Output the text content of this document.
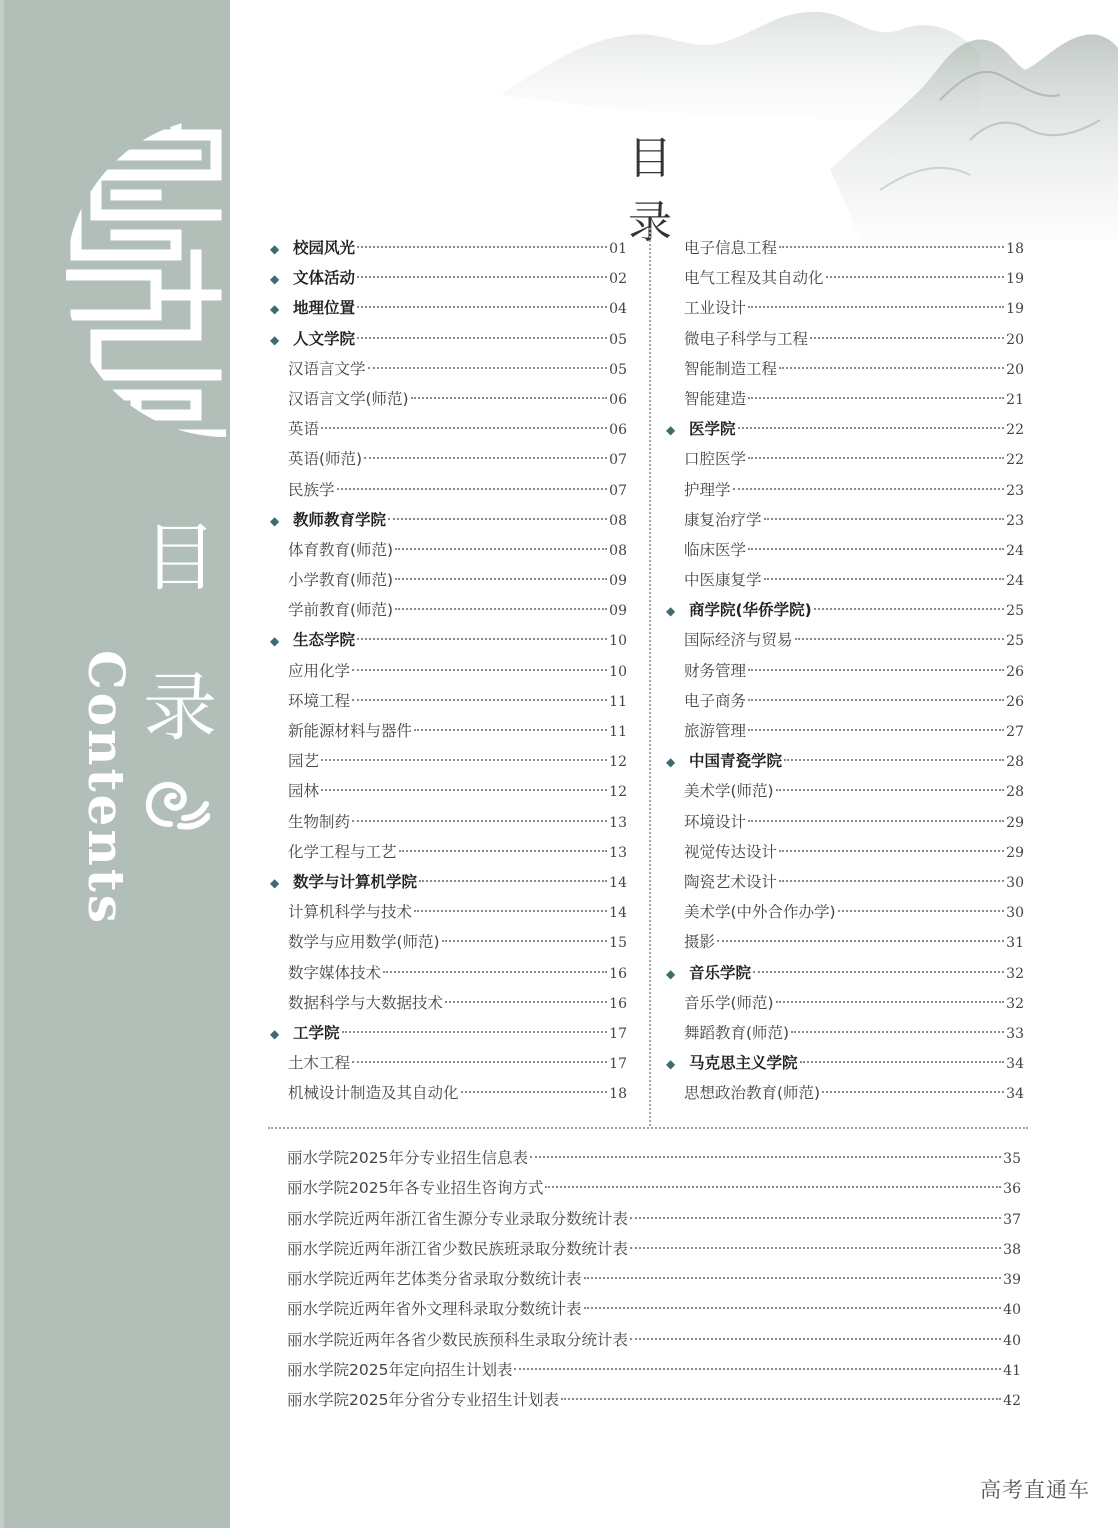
目
录
Contents
目 录
◆ 校园风光	01
◆ 文体活动	02
◆ 地理位置	04
◆ 人文学院	05
汉语言文学	05
汉语言文学(师范)	06
英语	06
英语(师范)	07
民族学	07
◆ 教师教育学院	08
体育教育(师范)	08
小学教育(师范)	09
学前教育(师范)	09
◆ 生态学院	10
应用化学	10
环境工程	11
新能源材料与器件	11
园艺	12
园林	12
生物制药	13
化学工程与工艺	13
◆ 数学与计算机学院	14
计算机科学与技术	14
数学与应用数学(师范)	15
数字媒体技术	16
数据科学与大数据技术	16
◆ 工学院	17
土木工程	17
机械设计制造及其自动化	18
电子信息工程	18
电气工程及其自动化	19
工业设计	19
微电子科学与工程	20
智能制造工程	20
智能建造	21
◆ 医学院	22
口腔医学	22
护理学	23
康复治疗学	23
临床医学	24
中医康复学	24
◆ 商学院(华侨学院)	25
国际经济与贸易	25
财务管理	26
电子商务	26
旅游管理	27
◆ 中国青瓷学院	28
美术学(师范)	28
环境设计	29
视觉传达设计	29
陶瓷艺术设计	30
美术学(中外合作办学)	30
摄影	31
◆ 音乐学院	32
音乐学(师范)	32
舞蹈教育(师范)	33
◆ 马克思主义学院	34
思想政治教育(师范)	34
丽水学院2025年分专业招生信息表	35
丽水学院2025年各专业招生咨询方式	36
丽水学院近两年浙江省生源分专业录取分数统计表	37
丽水学院近两年浙江省少数民族班录取分数统计表	38
丽水学院近两年艺体类分省录取分数统计表	39
丽水学院近两年省外文理科录取分数统计表	40
丽水学院近两年各省少数民族预科生录取分统计表	40
丽水学院2025年定向招生计划表	41
丽水学院2025年分省分专业招生计划表	42
高考直通车
